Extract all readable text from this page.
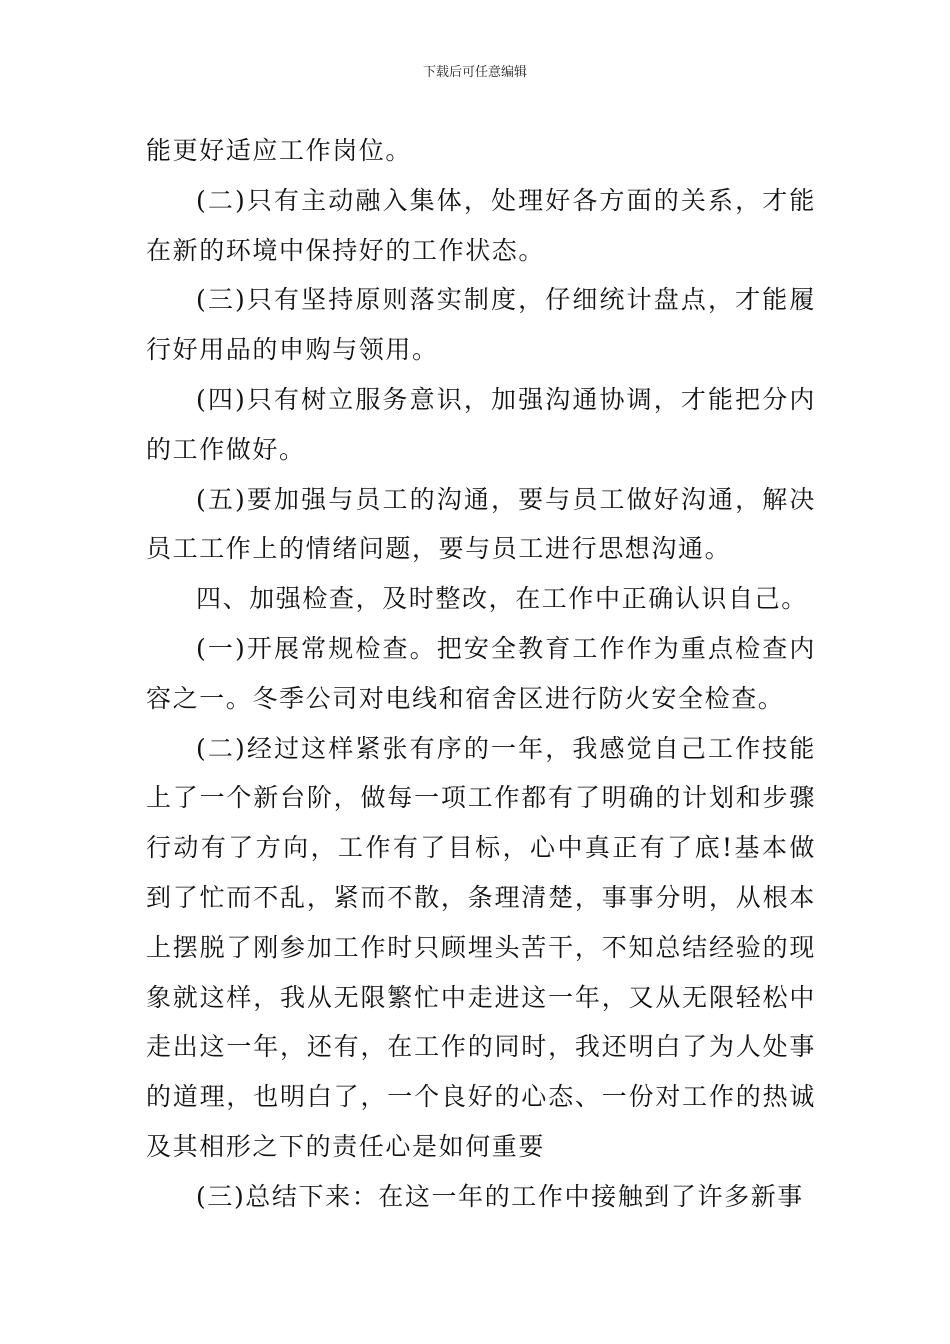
下载后可任意编辑

能更好适应工作岗位。

(二)只有主动融入集体，处理好各方面的关系，才能在新的环境中保持好的工作状态。

(三)只有坚持原则落实制度，仔细统计盘点，才能履行好用品的申购与领用。

(四)只有树立服务意识，加强沟通协调，才能把分内的工作做好。

(五)要加强与员工的沟通，要与员工做好沟通，解决员工工作上的情绪问题，要与员工进行思想沟通。

四、加强检查，及时整改，在工作中正确认识自己。

(一)开展常规检查。把安全教育工作作为重点检查内容之一。冬季公司对电线和宿舍区进行防火安全检查。

(二)经过这样紧张有序的一年，我感觉自己工作技能上了一个新台阶，做每一项工作都有了明确的计划和步骤行动有了方向，工作有了目标，心中真正有了底!基本做到了忙而不乱，紧而不散，条理清楚，事事分明，从根本上摆脱了刚参加工作时只顾埋头苦干，不知总结经验的现象就这样，我从无限繁忙中走进这一年，又从无限轻松中走出这一年，还有，在工作的同时，我还明白了为人处事的道理，也明白了，一个良好的心态、一份对工作的热诚及其相形之下的责任心是如何重要

(三)总结下来：在这一年的工作中接触到了许多新事
